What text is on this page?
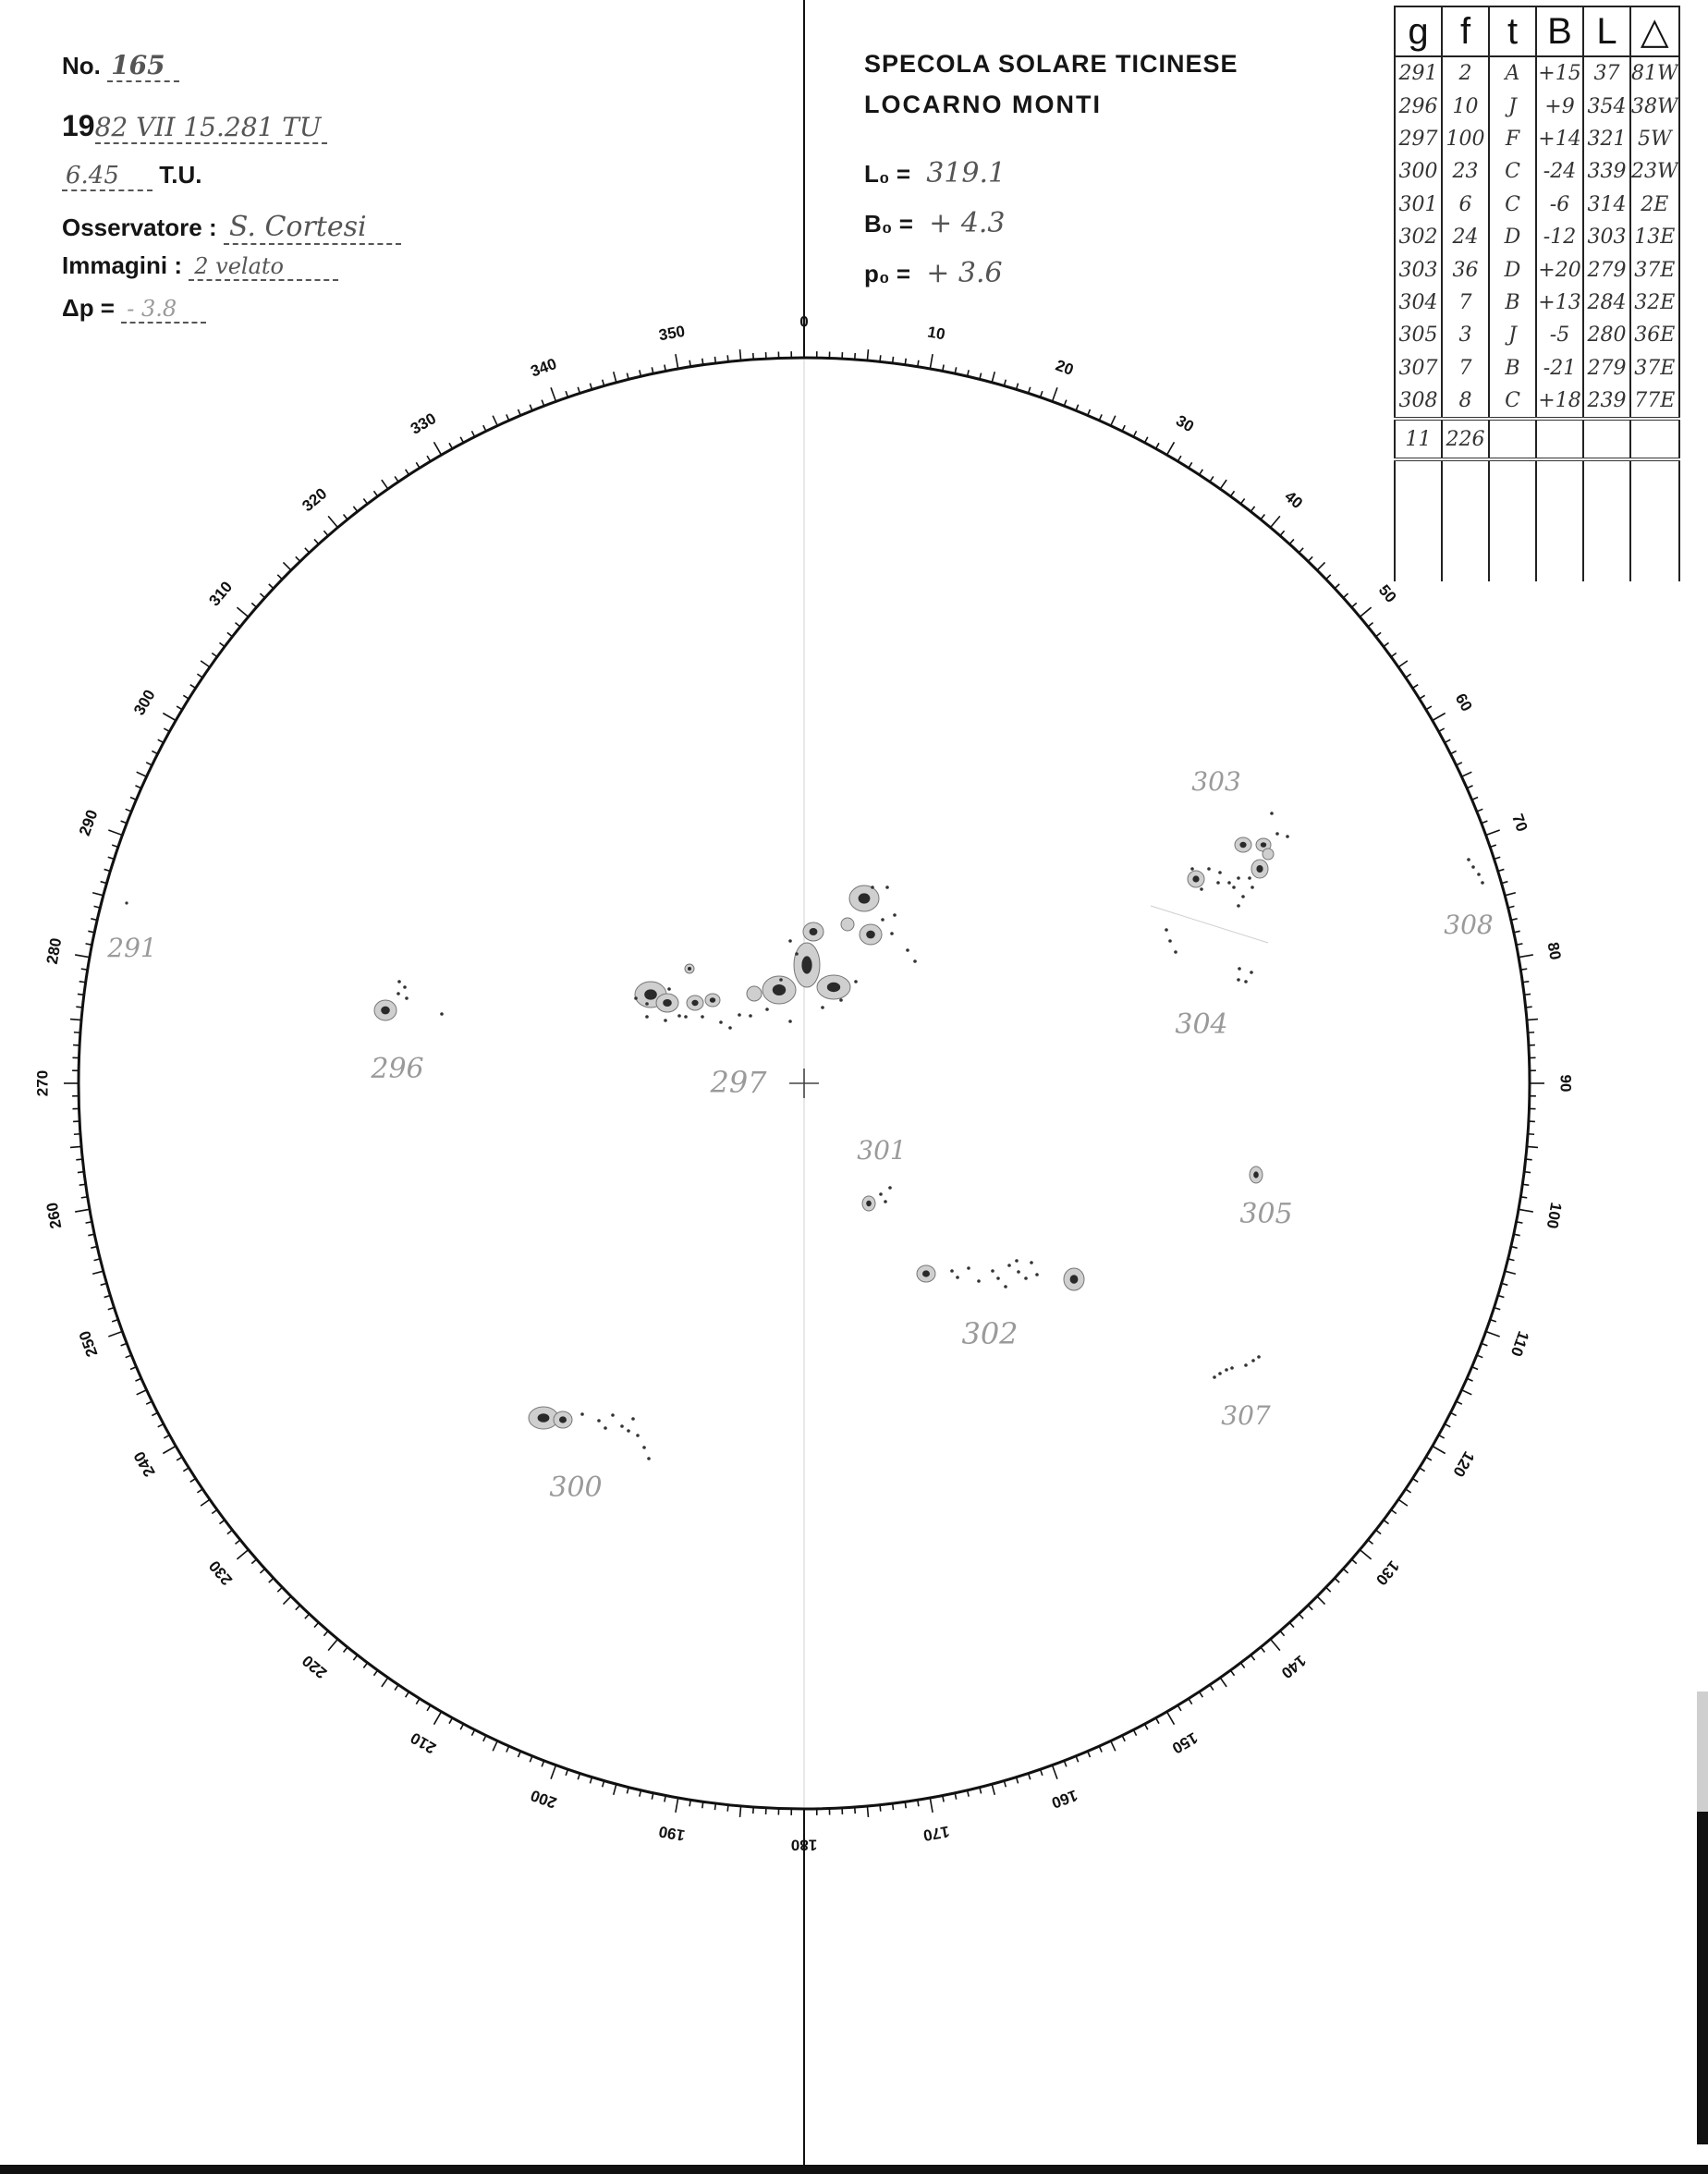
No. 165
1982 VII 15.281 TU
6.45 T.U.
Osservatore : S. Cortesi
Immagini : 2 velato
Δp = - 3.8
SPECOLA SOLARE TICINESE
LOCARNO MONTI
L₀ = 319.1
B₀ = + 4.3
p₀ = + 3.6
g	f	t	B	L	△
291	2	A	+15	37	81W
296	10	J	+9	354	38W
297	100	F	+14	321	5W
300	23	C	-24	339	23W
301	6	C	-6	314	2E
302	24	D	-12	303	13E
303	36	D	+20	279	37E
304	7	B	+13	284	32E
305	3	J	-5	280	36E
307	7	B	-21	279	37E
308	8	C	+18	239	77E
11	226				

0
10
20
30
40
50
60
70
80
90
100
110
120
130
140
150
160
170
180
190
200
210
220
230
240
250
260
270
280
290
300
310
320
330
340
350
291
296	297
300
301
302
303
304
305
307
308
